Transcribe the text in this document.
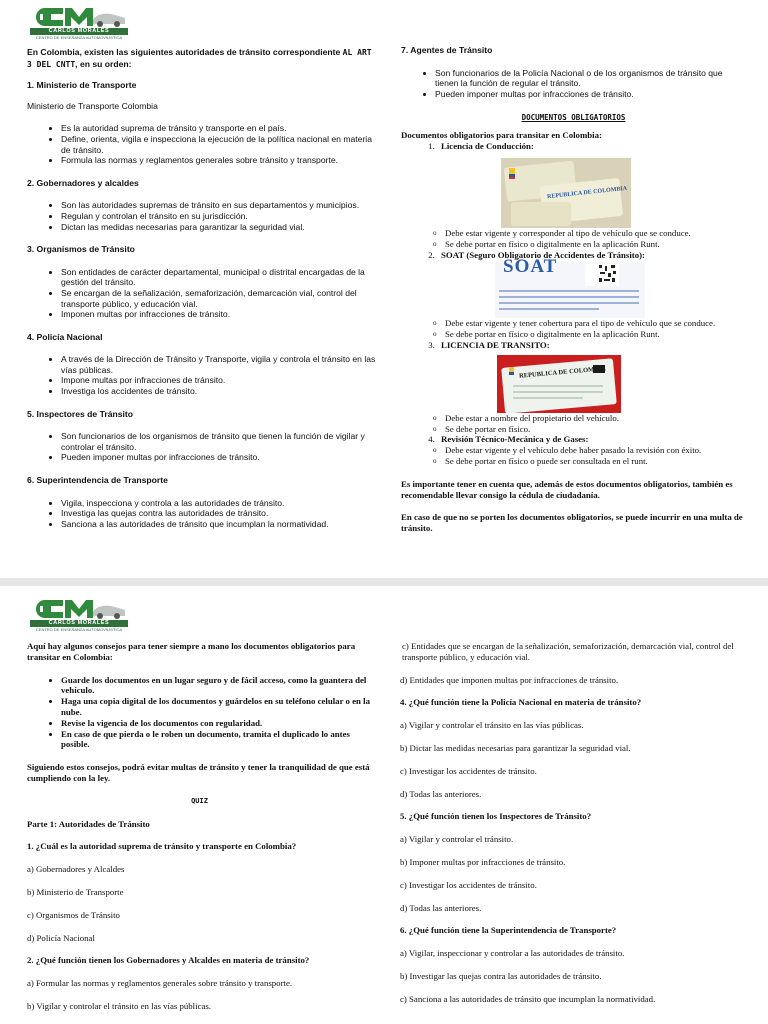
CARLOS MORALES
CENTRO DE ENSEÑANZA AUTOMOVILÍSTICA

En Colombia, existen las siguientes autoridades de tránsito correspondiente AL ART 3 DEL CNTT, en su orden:

1. Ministerio de Transporte

Ministerio de Transporte Colombia

• Es la autoridad suprema de tránsito y transporte en el país.
• Define, orienta, vigila e inspecciona la ejecución de la política nacional en materia de tránsito.
• Formula las normas y reglamentos generales sobre tránsito y transporte.

2. Gobernadores y alcaldes

• Son las autoridades supremas de tránsito en sus departamentos y municipios.
• Regulan y controlan el tránsito en su jurisdicción.
• Dictan las medidas necesarias para garantizar la seguridad vial.

3. Organismos de Tránsito

• Son entidades de carácter departamental, municipal o distrital encargadas de la gestión del tránsito.
• Se encargan de la señalización, semaforización, demarcación vial, control del transporte público, y educación vial.
• Imponen multas por infracciones de tránsito.

4. Policía Nacional

• A través de la Dirección de Tránsito y Transporte, vigila y controla el tránsito en las vías públicas.
• Impone multas por infracciones de tránsito.
• Investiga los accidentes de tránsito.

5. Inspectores de Tránsito

• Son funcionarios de los organismos de tránsito que tienen la función de vigilar y controlar el tránsito.
• Pueden imponer multas por infracciones de tránsito.

6. Superintendencia de Transporte

• Vigila, inspecciona y controla a las autoridades de tránsito.
• Investiga las quejas contra las autoridades de tránsito.
• Sanciona a las autoridades de tránsito que incumplan la normatividad.

7. Agentes de Tránsito

• Son funcionarios de la Policía Nacional o de los organismos de tránsito que tienen la función de regular el tránsito.
• Pueden imponer multas por infracciones de tránsito.

DOCUMENTOS OBLIGATORIOS

Documentos obligatorios para transitar en Colombia:

1. Licencia de Conducción:
REPUBLICA DE COLOMBIA
o Debe estar vigente y corresponder al tipo de vehículo que se conduce.
o Se debe portar en físico o digitalmente en la aplicación Runt.
2. SOAT (Seguro Obligatorio de Accidentes de Tránsito):
SOAT
o Debe estar vigente y tener cobertura para el tipo de vehículo que se conduce.
o Se debe portar en físico o digitalmente en la aplicación Runt.
3. LICENCIA DE TRANSITO:
REPUBLICA DE COLOMBIA
o Debe estar a nombre del propietario del vehículo.
o Se debe portar en físico.
4. Revisión Técnico-Mecánica y de Gases:
o Debe estar vigente y el vehículo debe haber pasado la revisión con éxito.
o Se debe portar en físico o puede ser consultada en el runt.

Es importante tener en cuenta que, además de estos documentos obligatorios, también es recomendable llevar consigo la cédula de ciudadanía.

En caso de que no se porten los documentos obligatorios, se puede incurrir en una multa de tránsito.

CARLOS MORALES
CENTRO DE ENSEÑANZA AUTOMOVILÍSTICA

Aquí hay algunos consejos para tener siempre a mano los documentos obligatorios para transitar en Colombia:

• Guarde los documentos en un lugar seguro y de fácil acceso, como la guantera del vehículo.
• Haga una copia digital de los documentos y guárdelos en su teléfono celular o en la nube.
• Revise la vigencia de los documentos con regularidad.
• En caso de que pierda o le roben un documento, tramita el duplicado lo antes posible.

Siguiendo estos consejos, podrá evitar multas de tránsito y tener la tranquilidad de que está cumpliendo con la ley.

QUIZ

Parte 1: Autoridades de Tránsito

1. ¿Cuál es la autoridad suprema de tránsito y transporte en Colombia?

a) Gobernadores y Alcaldes

b) Ministerio de Transporte

c) Organismos de Tránsito

d) Policía Nacional

2. ¿Qué función tienen los Gobernadores y Alcaldes en materia de tránsito?

a) Formular las normas y reglamentos generales sobre tránsito y transporte.

b) Vigilar y controlar el tránsito en las vías públicas.

c) Entidades que se encargan de la señalización, semaforización, demarcación vial, control del transporte público, y educación vial.

d) Entidades que imponen multas por infracciones de tránsito.

4. ¿Qué función tiene la Policía Nacional en materia de tránsito?

a) Vigilar y controlar el tránsito en las vías públicas.

b) Dictar las medidas necesarias para garantizar la seguridad vial.

c) Investigar los accidentes de tránsito.

d) Todas las anteriores.

5. ¿Qué función tienen los Inspectores de Tránsito?

a) Vigilar y controlar el tránsito.

b) Imponer multas por infracciones de tránsito.

c) Investigar los accidentes de tránsito.

d) Todas las anteriores.

6. ¿Qué función tiene la Superintendencia de Transporte?

a) Vigilar, inspeccionar y controlar a las autoridades de tránsito.

b) Investigar las quejas contra las autoridades de tránsito.

c) Sanciona a las autoridades de tránsito que incumplan la normatividad.
